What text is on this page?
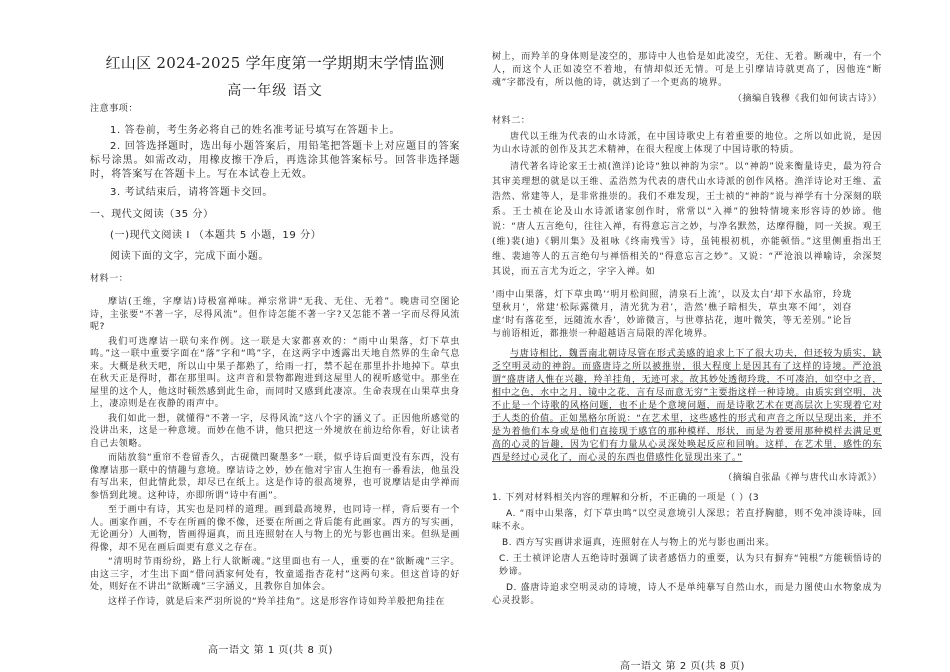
红山区 2024-2025 学年度第一学期期末学情监测
高一年级 语文
注意事项：
1. 答卷前，考生务必将自己的姓名准考证号填写在答题卡上。
2. 回答选择题时，选出每小题答案后，用铅笔把答题卡上对应题目的答案标号涂黑。如需改动，用橡皮擦干净后，再选涂其他答案标号。回答非选择题时，将答案写在答题卡上。写在本试卷上无效。
3. 考试结束后，请将答题卡交回。
一、现代文阅读（35 分）
(一)现代文阅读 I （本题共 5 小题，19 分）
阅读下面的文字，完成下面小题。
材料一：
摩诘(王维，字摩诘)诗极富禅味。禅宗常讲“无我、无住、无着”。晚唐司空图论诗，主张要“不著一字，尽得风流”。但作诗怎能不著一字?又怎能不著一字而尽得风流呢?
我们可选摩诘一联句来作例。这一联是大家都喜欢的：“雨中山果落，灯下草虫鸣。”这一联中重要字面在“落”字和“鸣”字，在这两字中透露出天地自然界的生命气息来。大概是秋天吧，所以山中果子都熟了，给雨一打，禁不起在那里扑扑地掉下。草虫在秋天正是得时，都在那里叫。这声音和景物都跑进到这屋里人的视听感觉中。那坐在屋里的这个人，他这时顿然感到此生命，而同时又感到此凄凉。生命表现在山果草虫身上，凄凉则是在夜静的雨声中。
我们如此一想，就懂得“不著一字，尽得风流”这八个字的涵义了。正因他所感觉的没讲出来，这是一种意境。而妙在他不讲，他只把这一外境放在前边给你看，好让读者自己去领略。
而陆放翁“重帘不卷留香久，古砚微凹聚墨多”一联，似乎诗后面更没有东西，没有像摩诘那一联中的情趣与意境。摩诘诗之妙，妙在他对宇宙人生抱有一番看法，他虽没有写出来，但此情此景，却尽已在纸上。这是作诗的很高境界，也可说摩诘是由学禅而参悟到此境。这种诗，亦即所谓“诗中有画”。
至于画中有诗，其实也是同样的道理。画到最高境界，也同诗一样，背后要有一个人。画家作画，不专在所画的像不像，还要在所画之背后能有此画家。西方的写实画，无论画分）人画物，皆画得逼真，而且连照射在人与物上的光与影也画出来。但纵是画得像，却不见在画后面更有意义之存在。
“清明时节雨纷纷，路上行人欲断魂。”这里面也有一人，重要的在“欲断魂”三字。由这三字，才生出下面“借问酒家何处有，牧童遥指杏花村”这两句来。但这首诗的好处，则好在不讲出“欲断魂”三字涵义，且教你自加体会。
这样子作诗，就是后来严羽所说的“羚羊挂角”。这是形容作诗如羚羊般把角挂在
高一语文 第 1 页(共 8 页)
树上，而羚羊的身体则是凌空的，那诗中人也恰是如此凌空，无住、无着。断魂中，有一个人，而这个人正如凌空不着地，有情却似还无情。可是上引摩诘诗就更高了，因他连“断魂”字都没有，所以他的诗，就达到了一个更高的境界。
（摘编自钱穆《我们如何读古诗》）
材料二：
唐代以王维为代表的山水诗派，在中国诗歌史上有着重要的地位。之所以如此说，是因为山水诗派的创作及其艺术精神，在很大程度上体现了中国诗歌的特质。
清代著名诗论家王士祯(渔洋)论诗“独以神韵为宗”。以“神韵”说来衡量诗史，最为符合其审美理想的就是以王维、孟浩然为代表的唐代山水诗派的创作风格。渔洋诗论对王维、孟浩然、常建等人，是非常推崇的。我们不难发现，王士祯的“神韵”说与禅学有十分深刻的联系。王士祯在论及山水诗派诸家创作时，常常以“入禅”的独特情境来形容诗的妙谛。他说：“唐人五言绝句，往往入禅，有得意忘言之妙，与净名默然，达摩得髓，同一关捩。观王(维)裴(迪)《辋川集》及祖咏《终南残雪》诗，虽钝根初机，亦能顿悟。”这里侧重指出王维、裴迪等人的五言绝句与禅悟相关的“得意忘言之妙”。又说：“严沧浪以禅喻诗，余深契其说，而五言尤为近之，字字入禅。如
‘雨中山果落，灯下草虫鸣’‘明月松间照，清泉石上流’，以及太白‘却下水晶帘，玲珑望秋月’，常建‘松际露微月，清光犹为君’，浩然‘樵子暗相失，草虫寒不闻’，刘昚虚‘时有落花至，远随流水香’，妙谛微言，与世尊拈花，迦叶微笑，等无差别。”论旨与前语相近，都推崇一种超越语言局限的浑化境界。
与唐诗相比，魏晋南北朝诗尽管在形式美感的追求上下了很大功夫，但还较为质实，缺乏空明灵动的神韵。而盛唐诗之所以被推崇，很大程度上是因其有了这样的诗境。严沧浪谓“盛唐诸人惟在兴趣，羚羊挂角，无迹可求。故其妙处透彻玲珑，不可凑泊，如空中之音，相中之色，水中之月，镜中之花，言有尽而意无穷”主要指这样一种诗境。由质实到空明，决不止是一个诗歌的风格问题，也不止是个意境问题，而是诗歌艺术在更高层次上实现着它对于人类的价值。正如黑格尔所说：“在艺术里，这些感性的形式和声音之所以呈现出来，并不是为着他们本身或是他们直接现于感官的那种模样、形状，而是为着要用那种模样去满足更高的心灵的旨趣，因为它们有力量从心灵深处唤起反应和回响。这样，在艺术里，感性的东西是经过心灵化了，而心灵的东西也借感性化显现出来了。”
（摘编自张晶《禅与唐代山水诗派》）
1. 下列对材料相关内容的理解和分析，不正确的一项是（ ）(3
A. “雨中山果落，灯下草虫鸣”以空灵意境引人深思；若直抒胸臆，则不免冲淡诗味，回味不永。
B. 西方写实画讲求逼真，连照射在人与物上的光与影也画出来。
C. 王士祯评论唐人五绝诗时强调了读者感悟力的重要，认为只有摒弃“钝根”方能顿悟诗的妙谛。
D. 盛唐诗追求空明灵动的诗境，诗人不是单纯摹写自然山水，而是力图使山水物象成为心灵投影。
高一语文 第 2 页(共 8 页)
